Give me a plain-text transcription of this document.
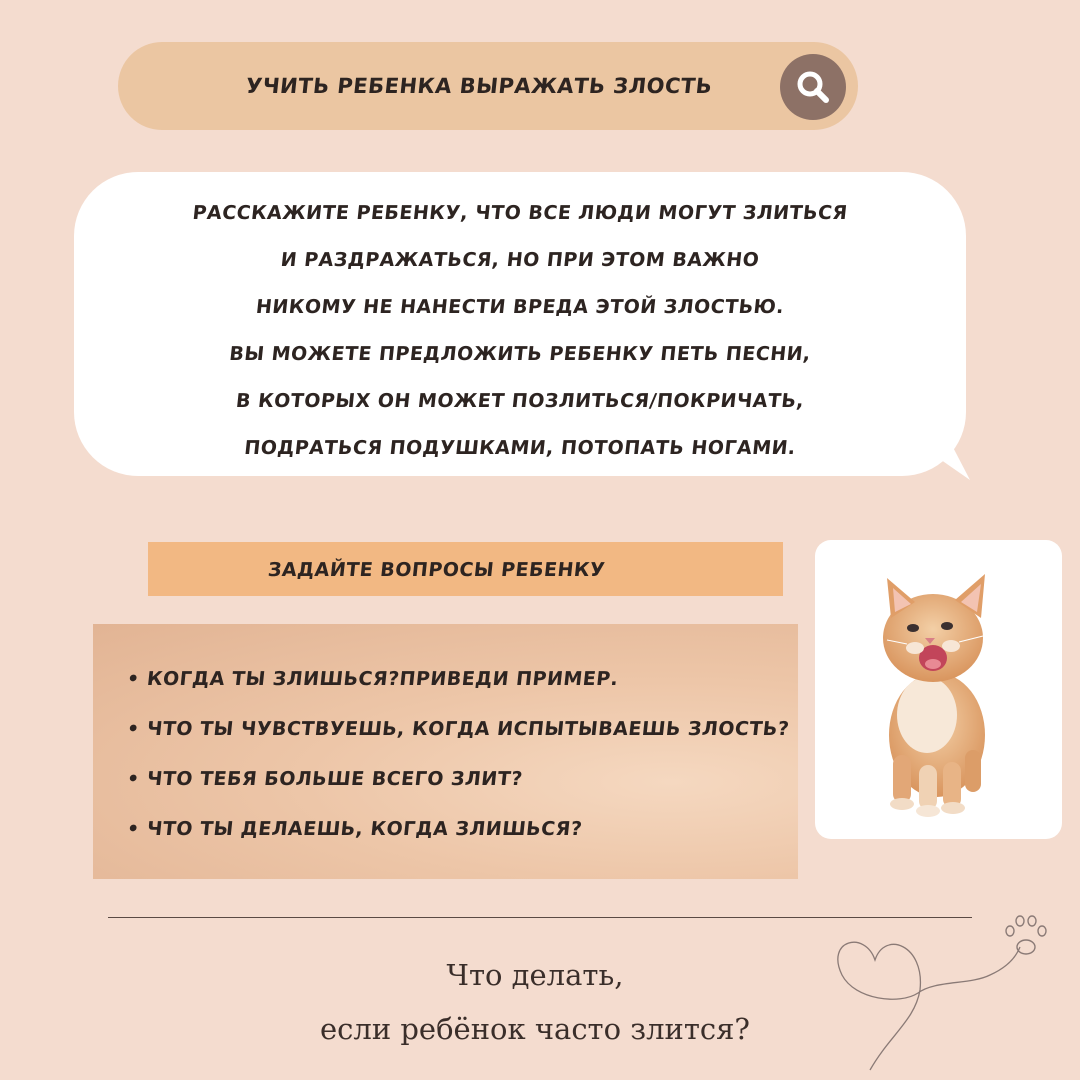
УЧИТЬ РЕБЕНКА ВЫРАЖАТЬ ЗЛОСТЬ
РАССКАЖИТЕ РЕБЕНКУ, ЧТО ВСЕ ЛЮДИ МОГУТ ЗЛИТЬСЯ
И РАЗДРАЖАТЬСЯ, НО ПРИ ЭТОМ ВАЖНО
НИКОМУ НЕ НАНЕСТИ ВРЕДА ЭТОЙ ЗЛОСТЬЮ.
ВЫ МОЖЕТЕ ПРЕДЛОЖИТЬ РЕБЕНКУ ПЕТЬ ПЕСНИ,
В КОТОРЫХ ОН МОЖЕТ ПОЗЛИТЬСЯ/ПОКРИЧАТЬ,
ПОДРАТЬСЯ ПОДУШКАМИ, ПОТОПАТЬ НОГАМИ.
ЗАДАЙТЕ ВОПРОСЫ РЕБЕНКУ
• КОГДА ТЫ ЗЛИШЬСЯ?ПРИВЕДИ ПРИМЕР.
• ЧТО ТЫ ЧУВСТВУЕШЬ, КОГДА ИСПЫТЫВАЕШЬ ЗЛОСТЬ?
• ЧТО ТЕБЯ БОЛЬШЕ ВСЕГО ЗЛИТ?
• ЧТО ТЫ ДЕЛАЕШЬ, КОГДА ЗЛИШЬСЯ?
Что делать,
если ребёнок часто злится?
